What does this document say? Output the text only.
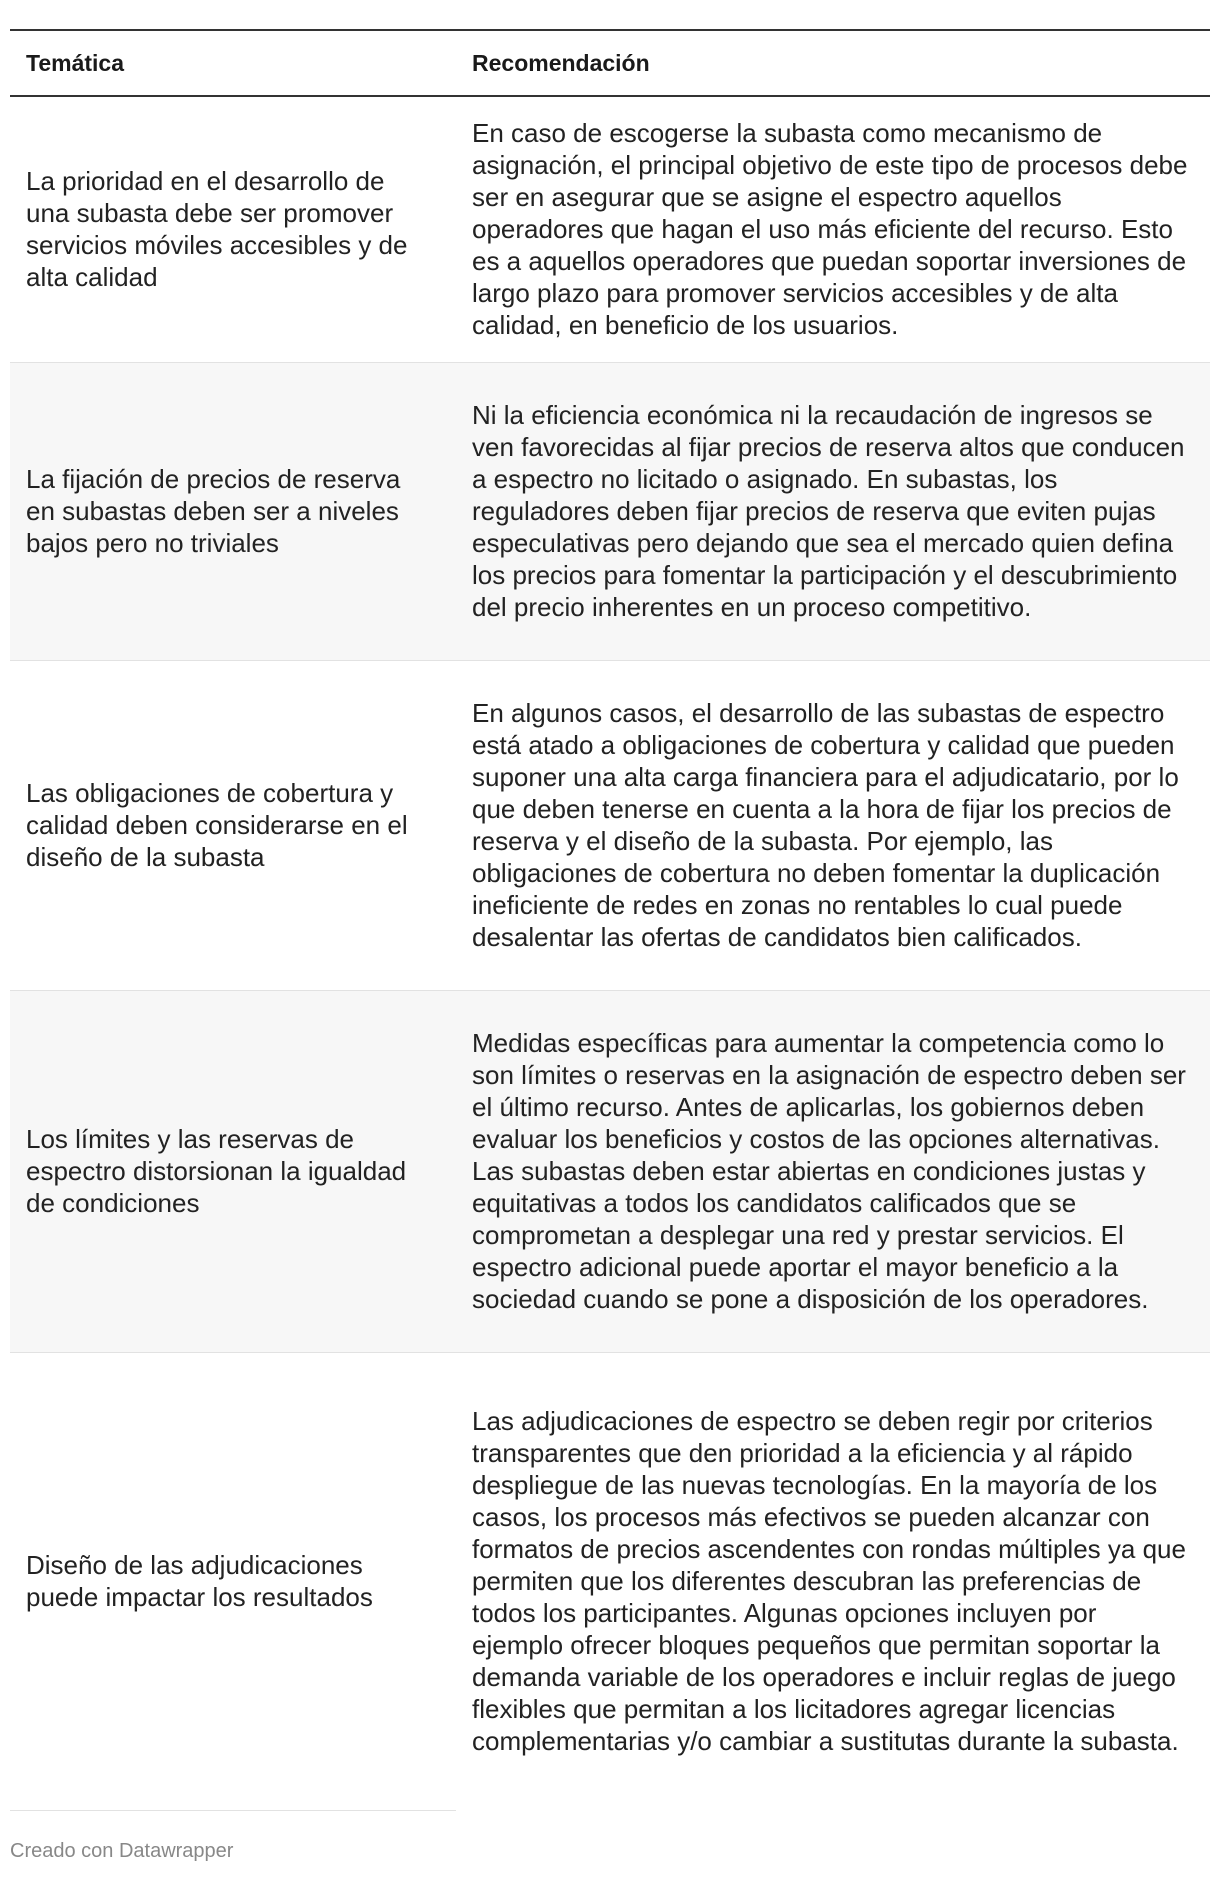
Temática	Recomendación
La prioridad en el desarrollo de una subasta debe ser promover servicios móviles accesibles y de alta calidad	En caso de escogerse la subasta como mecanismo de asignación, el principal objetivo de este tipo de procesos debe ser en asegurar que se asigne el espectro aquellos operadores que hagan el uso más eficiente del recurso. Esto es a aquellos operadores que puedan soportar inversiones de largo plazo para promover servicios accesibles y de alta calidad, en beneficio de los usuarios.
La fijación de precios de reserva en subastas deben ser a niveles bajos pero no triviales	Ni la eficiencia económica ni la recaudación de ingresos se ven favorecidas al fijar precios de reserva altos que conducen a espectro no licitado o asignado. En subastas, los reguladores deben fijar precios de reserva que eviten pujas especulativas pero dejando que sea el mercado quien defina los precios para fomentar la participación y el descubrimiento del precio inherentes en un proceso competitivo.
Las obligaciones de cobertura y calidad deben considerarse en el diseño de la subasta	En algunos casos, el desarrollo de las subastas de espectro está atado a obligaciones de cobertura y calidad que pueden suponer una alta carga financiera para el adjudicatario, por lo que deben tenerse en cuenta a la hora de fijar los precios de reserva y el diseño de la subasta. Por ejemplo, las obligaciones de cobertura no deben fomentar la duplicación ineficiente de redes en zonas no rentables lo cual puede desalentar las ofertas de candidatos bien calificados.
Los límites y las reservas de espectro distorsionan la igualdad de condiciones	Medidas específicas para aumentar la competencia como lo son límites o reservas en la asignación de espectro deben ser el último recurso. Antes de aplicarlas, los gobiernos deben evaluar los beneficios y costos de las opciones alternativas. Las subastas deben estar abiertas en condiciones justas y equitativas a todos los candidatos calificados que se comprometan a desplegar una red y prestar servicios. El espectro adicional puede aportar el mayor beneficio a la sociedad cuando se pone a disposición de los operadores.
Diseño de las adjudicaciones puede impactar los resultados	Las adjudicaciones de espectro se deben regir por criterios transparentes que den prioridad a la eficiencia y al rápido despliegue de las nuevas tecnologías. En la mayoría de los casos, los procesos más efectivos se pueden alcanzar con formatos de precios ascendentes con rondas múltiples ya que permiten que los diferentes descubran las preferencias de todos los participantes. Algunas opciones incluyen por ejemplo ofrecer bloques pequeños que permitan soportar la demanda variable de los operadores e incluir reglas de juego flexibles que permitan a los licitadores agregar licencias complementarias y/o cambiar a sustitutas durante la subasta.
Creado con Datawrapper
